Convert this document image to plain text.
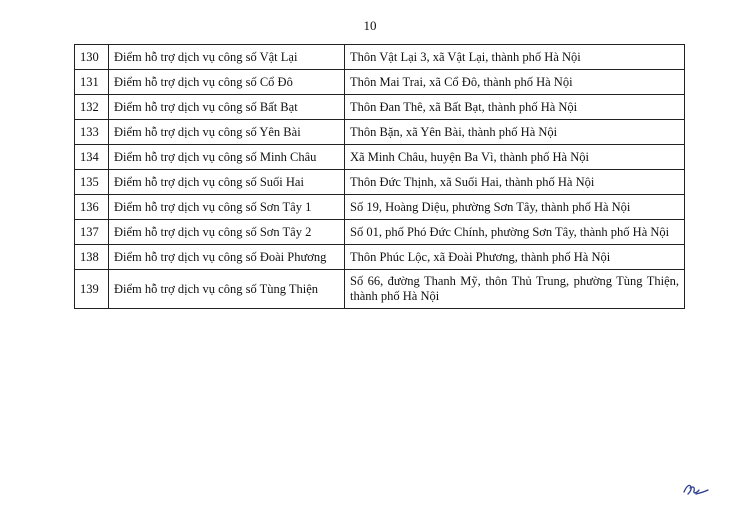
10
130	Điểm hỗ trợ dịch vụ công số Vật Lại	Thôn Vật Lại 3, xã Vật Lại, thành phố Hà Nội
131	Điểm hỗ trợ dịch vụ công số Cổ Đô	Thôn Mai Trai, xã Cổ Đô, thành phố Hà Nội
132	Điểm hỗ trợ dịch vụ công số Bất Bạt	Thôn Đan Thê, xã Bất Bạt, thành phố Hà Nội
133	Điểm hỗ trợ dịch vụ công số Yên Bài	Thôn Bặn, xã Yên Bài, thành phố Hà Nội
134	Điểm hỗ trợ dịch vụ công số Minh Châu	Xã Minh Châu, huyện Ba Vì, thành phố Hà Nội
135	Điểm hỗ trợ dịch vụ công số Suối Hai	Thôn Đức Thịnh, xã Suối Hai, thành phố Hà Nội
136	Điểm hỗ trợ dịch vụ công số Sơn Tây 1	Số 19, Hoàng Diệu, phường Sơn Tây, thành phố Hà Nội
137	Điểm hỗ trợ dịch vụ công số Sơn Tây 2	Số 01, phố Phó Đức Chính, phường Sơn Tây, thành phố Hà Nội
138	Điểm hỗ trợ dịch vụ công số Đoài Phương	Thôn Phúc Lộc, xã Đoài Phương, thành phố Hà Nội
139	Điểm hỗ trợ dịch vụ công số Tùng Thiện	Số 66, đường Thanh Mỹ, thôn Thủ Trung, phường Tùng Thiện, thành phố Hà Nội
